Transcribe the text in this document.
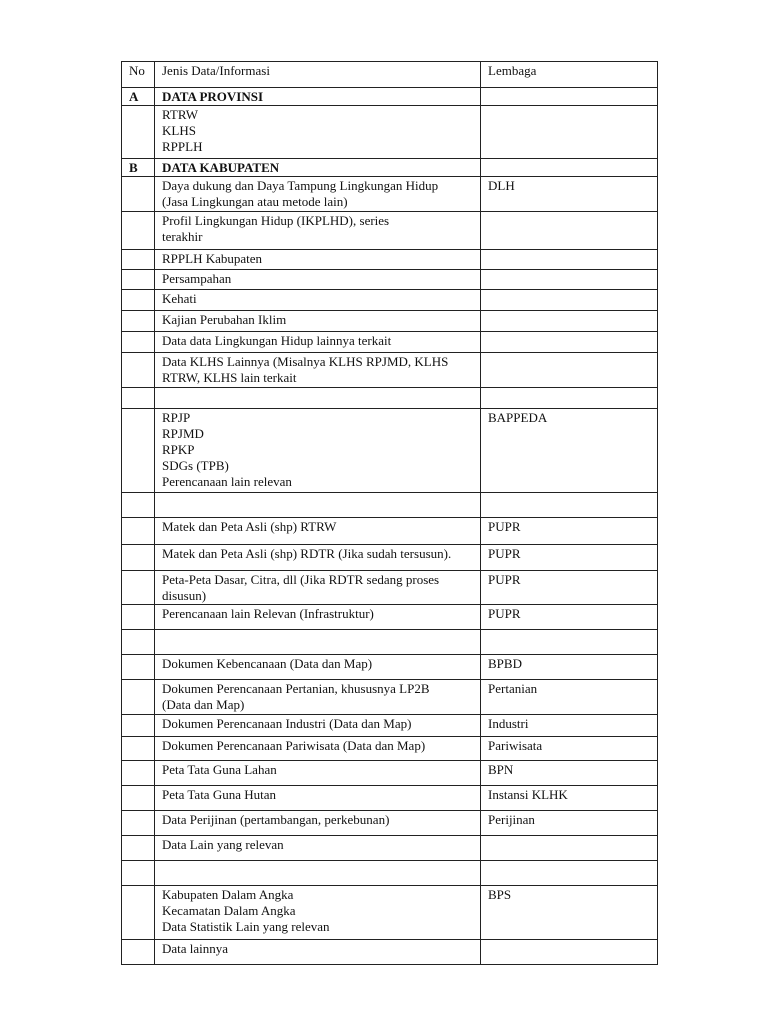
No	Jenis Data/Informasi	Lembaga
A	DATA PROVINSI	

	RTRW
KLHS
RPPLH	

B	DATA KABUPATEN	

	Daya dukung dan Daya Tampung Lingkungan Hidup
(Jasa Lingkungan atau metode lain)	DLH

	Profil Lingkungan Hidup (IKPLHD), series
terakhir	

	RPPLH Kabupaten	

	Persampahan	

	Kehati	

	Kajian Perubahan Iklim	

	Data data Lingkungan Hidup lainnya terkait	

	Data KLHS Lainnya (Misalnya KLHS RPJMD, KLHS
RTRW, KLHS lain terkait	

	RPJP
RPJMD
RPKP
SDGs (TPB)
Perencanaan lain relevan	BAPPEDA

	Matek dan Peta Asli (shp) RTRW	PUPR

	Matek dan Peta Asli (shp) RDTR (Jika sudah tersusun).	PUPR

	Peta-Peta Dasar, Citra, dll (Jika RDTR sedang proses
disusun)	PUPR

	Perencanaan lain Relevan (Infrastruktur)	PUPR

	Dokumen Kebencanaan (Data dan Map)	BPBD

	Dokumen Perencanaan Pertanian, khususnya LP2B
(Data dan Map)	Pertanian

	Dokumen Perencanaan Industri (Data dan Map)	Industri

	Dokumen Perencanaan Pariwisata (Data dan Map)	Pariwisata

	Peta Tata Guna Lahan	BPN

	Peta Tata Guna Hutan	Instansi KLHK

	Data Perijinan (pertambangan, perkebunan)	Perijinan

	Data Lain yang relevan	

	Kabupaten Dalam Angka
Kecamatan Dalam Angka
Data Statistik Lain yang relevan	BPS

	Data lainnya	
